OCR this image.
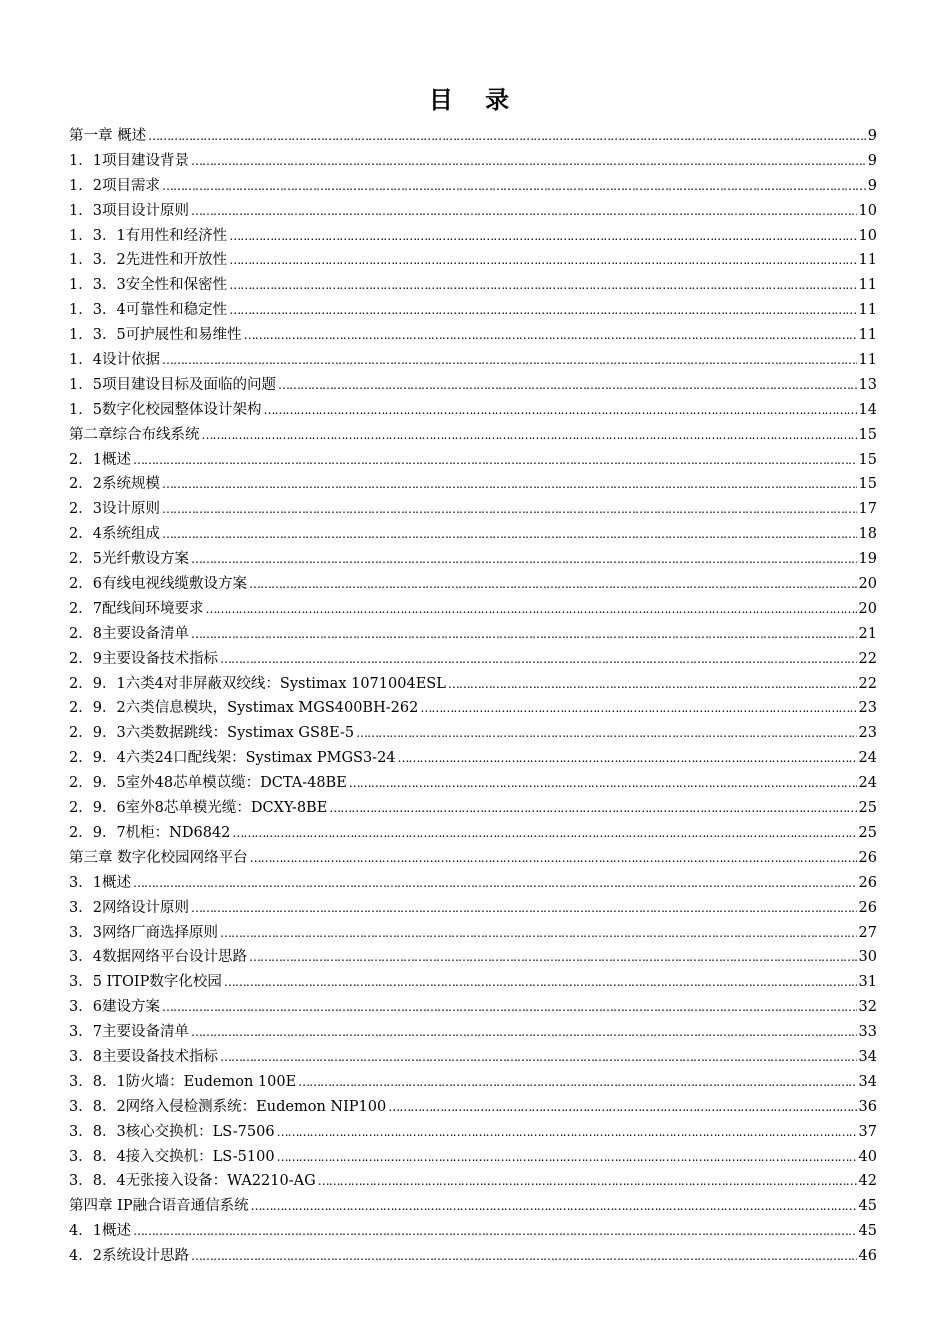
目 录
第一章 概述 …………………………………………………………………………………………………………………………………………………………………………………………………………………………………………………………………………	9
1．1项目建设背景 …………………………………………………………………………………………………………………………………………………………………………………………………………………………………………………………………………	9
1．2项目需求 …………………………………………………………………………………………………………………………………………………………………………………………………………………………………………………………………………	9
1．3项目设计原则 …………………………………………………………………………………………………………………………………………………………………………………………………………………………………………………………………………	10
1．3．1有用性和经济性 …………………………………………………………………………………………………………………………………………………………………………………………………………………………………………………………………………	10
1．3．2先进性和开放性 …………………………………………………………………………………………………………………………………………………………………………………………………………………………………………………………………………	11
1．3．3安全性和保密性 …………………………………………………………………………………………………………………………………………………………………………………………………………………………………………………………………………	11
1．3．4可靠性和稳定性 …………………………………………………………………………………………………………………………………………………………………………………………………………………………………………………………………………	11
1．3．5可护展性和易维性 …………………………………………………………………………………………………………………………………………………………………………………………………………………………………………………………………………	11
1．4设计依据 …………………………………………………………………………………………………………………………………………………………………………………………………………………………………………………………………………	11
1．5项目建设目标及面临的问题 …………………………………………………………………………………………………………………………………………………………………………………………………………………………………………………………………………	13
1．5数字化校园整体设计架构 …………………………………………………………………………………………………………………………………………………………………………………………………………………………………………………………………………	14
第二章综合布线系统 …………………………………………………………………………………………………………………………………………………………………………………………………………………………………………………………………………	15
2．1概述 …………………………………………………………………………………………………………………………………………………………………………………………………………………………………………………………………………	15
2．2系统规模 …………………………………………………………………………………………………………………………………………………………………………………………………………………………………………………………………………	15
2．3设计原则 …………………………………………………………………………………………………………………………………………………………………………………………………………………………………………………………………………	17
2．4系统组成 …………………………………………………………………………………………………………………………………………………………………………………………………………………………………………………………………………	18
2．5光纤敷设方案 …………………………………………………………………………………………………………………………………………………………………………………………………………………………………………………………………………	19
2．6有线电视线缆敷设方案 …………………………………………………………………………………………………………………………………………………………………………………………………………………………………………………………………………	20
2．7配线间环境要求 …………………………………………………………………………………………………………………………………………………………………………………………………………………………………………………………………………	20
2．8主要设备清单 …………………………………………………………………………………………………………………………………………………………………………………………………………………………………………………………………………	21
2．9主要设备技术指标 …………………………………………………………………………………………………………………………………………………………………………………………………………………………………………………………………………	22
2．9．1六类4对非屏蔽双绞线：Systimax 1071004ESL …………………………………………………………………………………………………………………………………………………………………………………………………………………………………………………………………………	22
2．9．2六类信息模块，Systimax MGS400BH-262 …………………………………………………………………………………………………………………………………………………………………………………………………………………………………………………………………………	23
2．9．3六类数据跳线：Systimax GS8E-5 …………………………………………………………………………………………………………………………………………………………………………………………………………………………………………………………………………	23
2．9．4六类24口配线架：Systimax PMGS3-24 …………………………………………………………………………………………………………………………………………………………………………………………………………………………………………………………………………	24
2．9．5室外48芯单模苡缆：DCTA-48BE …………………………………………………………………………………………………………………………………………………………………………………………………………………………………………………………………………	24
2．9．6室外8芯单模光缆：DCXY-8BE …………………………………………………………………………………………………………………………………………………………………………………………………………………………………………………………………………	25
2．9．7机柜：ND6842 …………………………………………………………………………………………………………………………………………………………………………………………………………………………………………………………………………	25
第三章 数字化校园网络平台 …………………………………………………………………………………………………………………………………………………………………………………………………………………………………………………………………………	26
3．1概述 …………………………………………………………………………………………………………………………………………………………………………………………………………………………………………………………………………	26
3．2网络设计原则 …………………………………………………………………………………………………………………………………………………………………………………………………………………………………………………………………………	26
3．3网络厂商选择原则 …………………………………………………………………………………………………………………………………………………………………………………………………………………………………………………………………………	27
3．4数据网络平台设计思路 …………………………………………………………………………………………………………………………………………………………………………………………………………………………………………………………………………	30
3．5 ITOIP数字化校园 …………………………………………………………………………………………………………………………………………………………………………………………………………………………………………………………………………	31
3．6建设方案 …………………………………………………………………………………………………………………………………………………………………………………………………………………………………………………………………………	32
3．7主要设备清单 …………………………………………………………………………………………………………………………………………………………………………………………………………………………………………………………………………	33
3．8主要设备技术指标 …………………………………………………………………………………………………………………………………………………………………………………………………………………………………………………………………………	34
3．8．1防火墙：Eudemon 100E …………………………………………………………………………………………………………………………………………………………………………………………………………………………………………………………………………	34
3．8．2网络入侵检测系统：Eudemon NIP100 …………………………………………………………………………………………………………………………………………………………………………………………………………………………………………………………………………	36
3．8．3核心交换机：LS-7506 …………………………………………………………………………………………………………………………………………………………………………………………………………………………………………………………………………	37
3．8．4接入交换机：LS-5100 …………………………………………………………………………………………………………………………………………………………………………………………………………………………………………………………………………	40
3．8．4无张接入设备：WA2210-AG …………………………………………………………………………………………………………………………………………………………………………………………………………………………………………………………………………	42
第四章 IP融合语音通信系统 …………………………………………………………………………………………………………………………………………………………………………………………………………………………………………………………………………	45
4．1概述 …………………………………………………………………………………………………………………………………………………………………………………………………………………………………………………………………………	45
4．2系统设计思路 …………………………………………………………………………………………………………………………………………………………………………………………………………………………………………………………………………	46
